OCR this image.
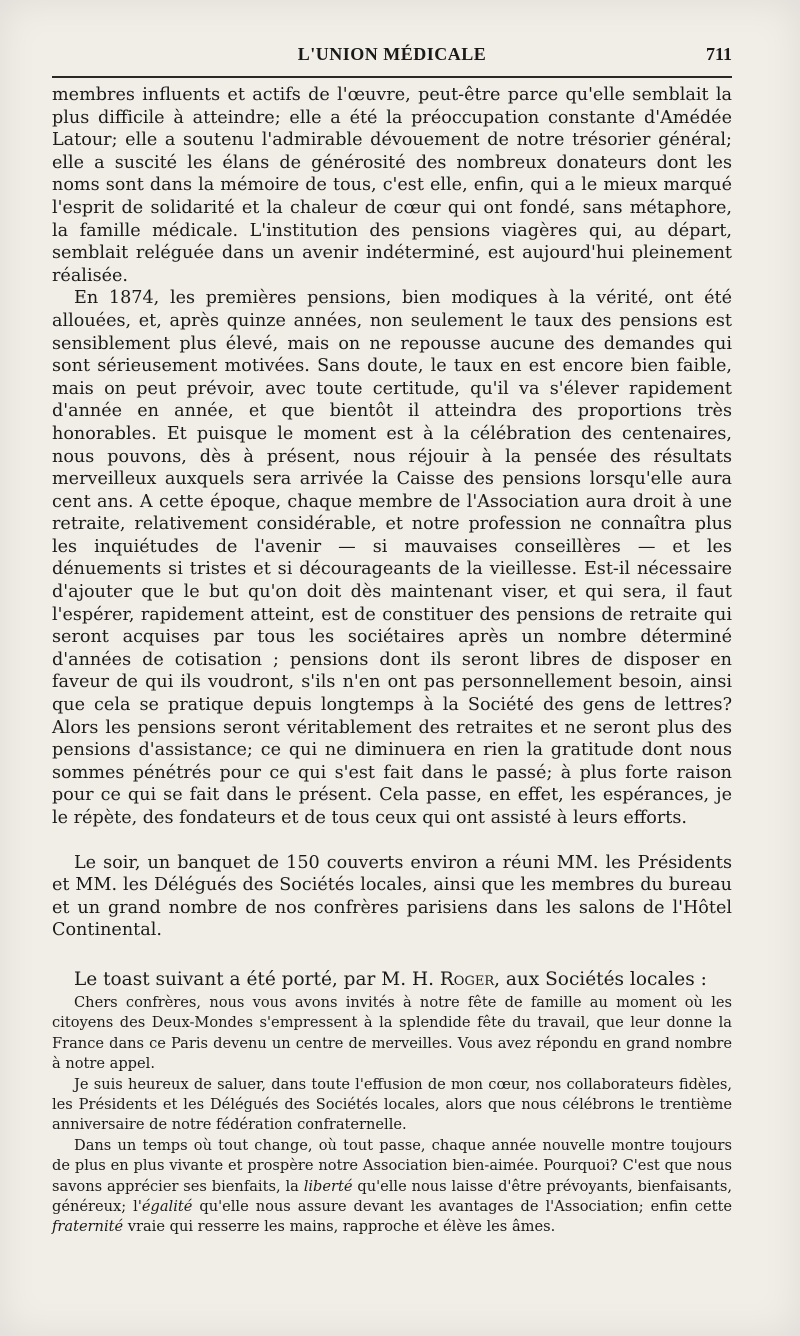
L'UNION MÉDICALE	711

membres influents et actifs de l'œuvre, peut-être parce qu'elle semblait la plus difficile à atteindre; elle a été la préoccupation constante d'Amédée Latour; elle a soutenu l'admirable dévouement de notre trésorier général; elle a suscité les élans de générosité des nombreux donateurs dont les noms sont dans la mémoire de tous, c'est elle, enfin, qui a le mieux marqué l'esprit de solidarité et la chaleur de cœur qui ont fondé, sans métaphore, la famille médicale. L'institution des pensions viagères qui, au départ, semblait reléguée dans un avenir indéterminé, est aujourd'hui pleinement réalisée.

En 1874, les premières pensions, bien modiques à la vérité, ont été allouées, et, après quinze années, non seulement le taux des pensions est sensiblement plus élevé, mais on ne repousse aucune des demandes qui sont sérieusement motivées. Sans doute, le taux en est encore bien faible, mais on peut prévoir, avec toute certitude, qu'il va s'élever rapidement d'année en année, et que bientôt il atteindra des proportions très honorables. Et puisque le moment est à la célébration des centenaires, nous pouvons, dès à présent, nous réjouir à la pensée des résultats merveilleux auxquels sera arrivée la Caisse des pensions lorsqu'elle aura cent ans. A cette époque, chaque membre de l'Association aura droit à une retraite, relativement considérable, et notre profession ne connaîtra plus les inquiétudes de l'avenir — si mauvaises conseillères — et les dénuements si tristes et si décourageants de la vieillesse. Est-il nécessaire d'ajouter que le but qu'on doit dès maintenant viser, et qui sera, il faut l'espérer, rapidement atteint, est de constituer des pensions de retraite qui seront acquises par tous les sociétaires après un nombre déterminé d'années de cotisation ; pensions dont ils seront libres de disposer en faveur de qui ils voudront, s'ils n'en ont pas personnellement besoin, ainsi que cela se pratique depuis longtemps à la Société des gens de lettres? Alors les pensions seront véritablement des retraites et ne seront plus des pensions d'assistance; ce qui ne diminuera en rien la gratitude dont nous sommes pénétrés pour ce qui s'est fait dans le passé; à plus forte raison pour ce qui se fait dans le présent. Cela passe, en effet, les espérances, je le répète, des fondateurs et de tous ceux qui ont assisté à leurs efforts.

Le soir, un banquet de 150 couverts environ a réuni MM. les Présidents et MM. les Délégués des Sociétés locales, ainsi que les membres du bureau et un grand nombre de nos confrères parisiens dans les salons de l'Hôtel Continental.

Le toast suivant a été porté, par M. H. Roger, aux Sociétés locales :

Chers confrères, nous vous avons invités à notre fête de famille au moment où les citoyens des Deux-Mondes s'empressent à la splendide fête du travail, que leur donne la France dans ce Paris devenu un centre de merveilles. Vous avez répondu en grand nombre à notre appel.

Je suis heureux de saluer, dans toute l'effusion de mon cœur, nos collaborateurs fidèles, les Présidents et les Délégués des Sociétés locales, alors que nous célébrons le trentième anniversaire de notre fédération confraternelle.

Dans un temps où tout change, où tout passe, chaque année nouvelle montre toujours de plus en plus vivante et prospère notre Association bien-aimée. Pourquoi? C'est que nous savons apprécier ses bienfaits, la liberté qu'elle nous laisse d'être prévoyants, bienfaisants, généreux; l'égalité qu'elle nous assure devant les avantages de l'Association; enfin cette fraternité vraie qui resserre les mains, rapproche et élève les âmes.
